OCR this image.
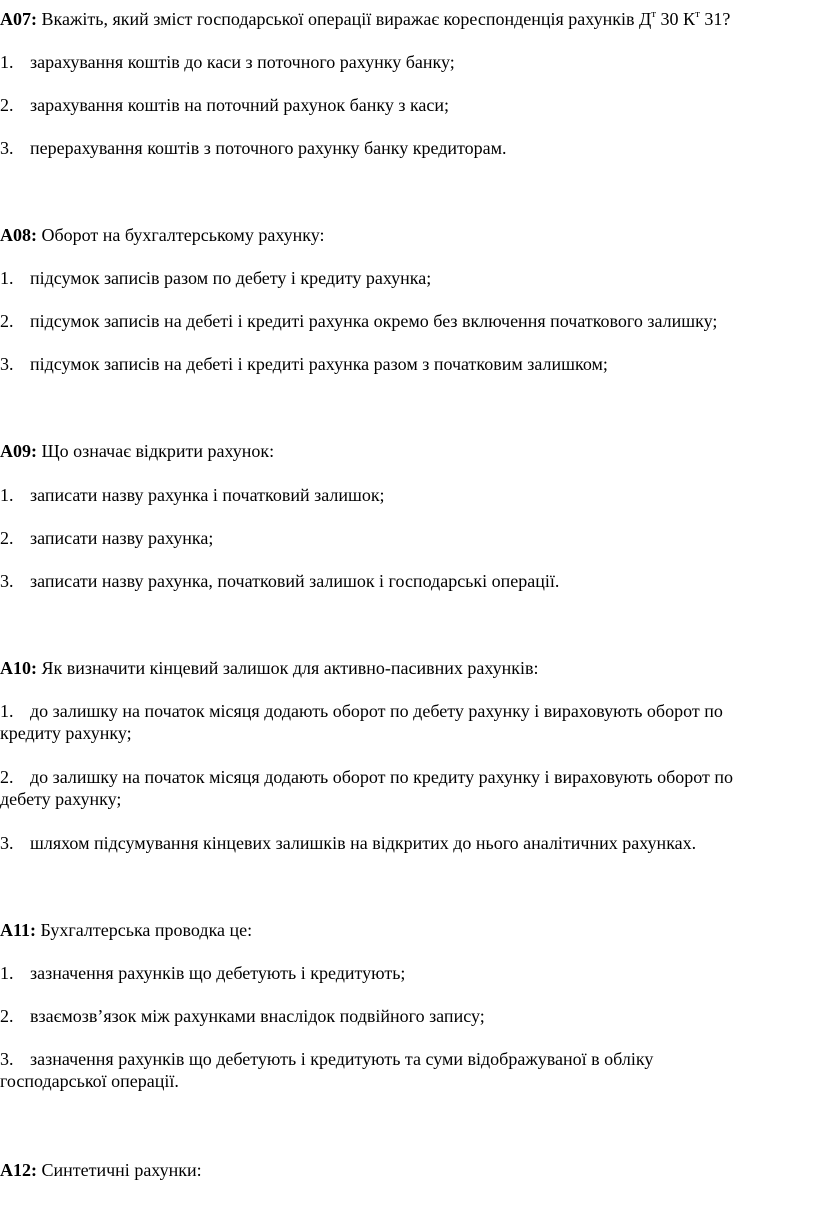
A07: Вкажіть, який зміст господарської операції виражає кореспонденція рахунків $Д^т$ 30 $К^т$ 31?
1. зарахування коштів до каси з поточного рахунку банку;
2. зарахування коштів на поточний рахунок банку з каси;
3. перерахування коштів з поточного рахунку банку кредиторам.
А08: Оборот на бухгалтерському рахунку:
1. підсумок записів разом по дебету і кредиту рахунка;
2. підсумок записів на дебеті і кредиті рахунка окремо без включення початкового залишку;
3. підсумок записів на дебеті і кредиті рахунка разом з початковим залишком;
А09: Що означає відкрити рахунок:
1. записати назву рахунка і початковий залишок;
2. записати назву рахунка;
3. записати назву рахунка, початковий залишок і господарські операції.
А10: Як визначити кінцевий залишок для активно-пасивних рахунків:
1. до залишку на початок місяця додають оборот по дебету рахунку і вираховують оборот по
кредиту рахунку;
2. до залишку на початок місяця додають оборот по кредиту рахунку і вираховують оборот по
дебету рахунку;
3. шляхом підсумування кінцевих залишків на відкритих до нього аналітичних рахунках.
А11: Бухгалтерська проводка це:
1. зазначення рахунків що дебетують і кредитують;
2. взаємозв’язок між рахунками внаслідок подвійного запису;
3. зазначення рахунків що дебетують і кредитують та суми відображуваної в обліку
господарської операції.
А12: Синтетичні рахунки:
